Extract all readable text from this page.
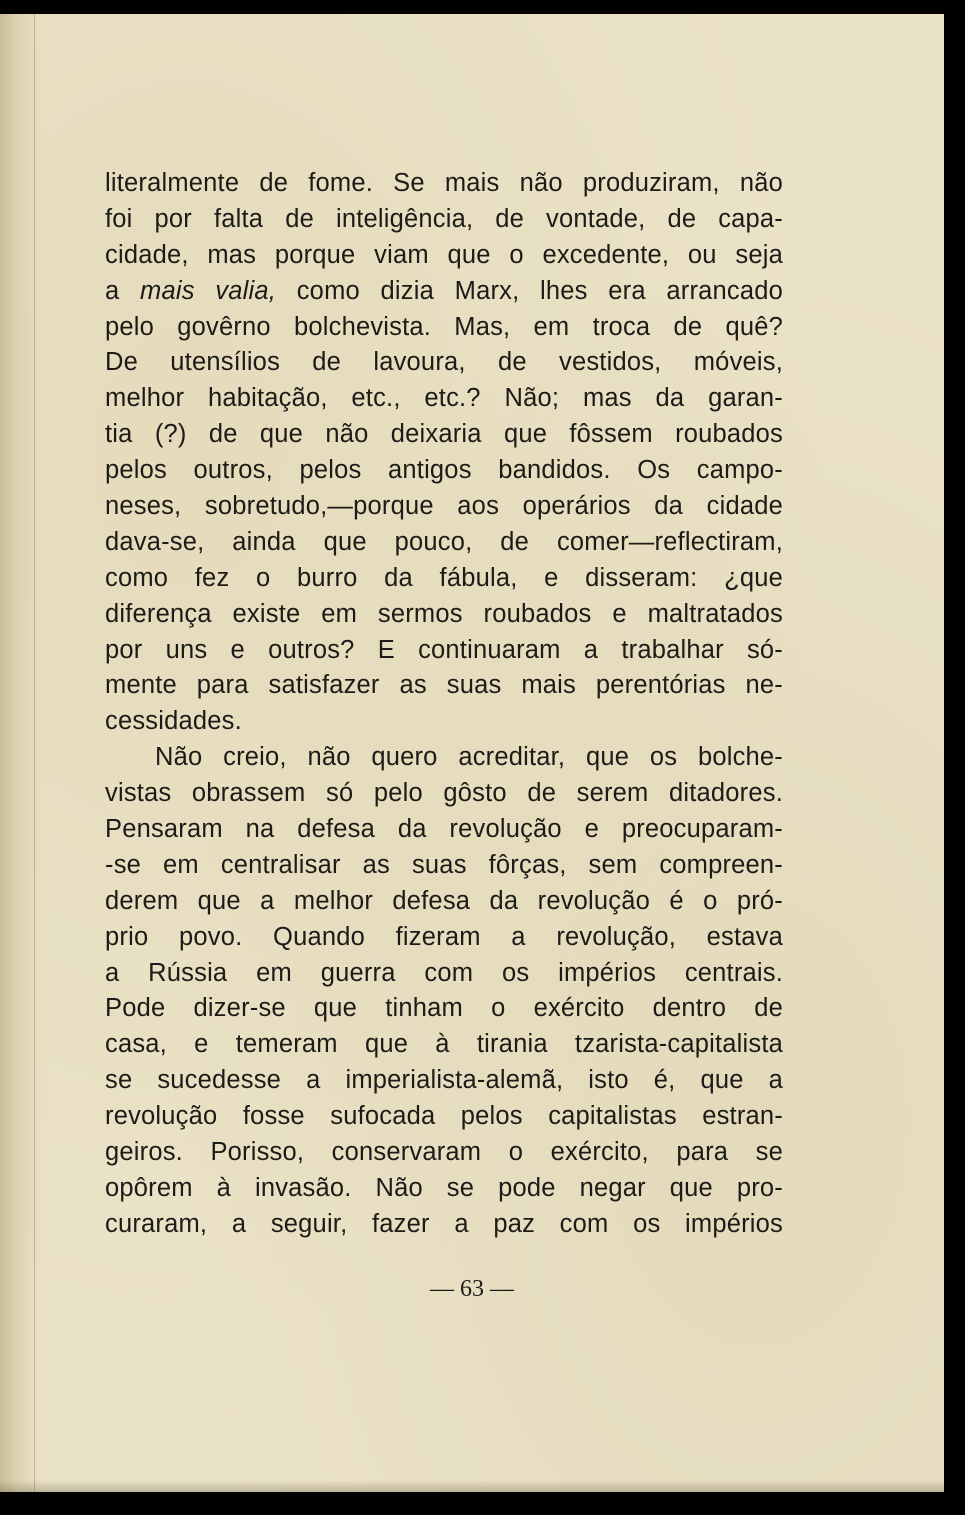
literalmente de fome. Se mais não produziram, não
foi por falta de inteligência, de vontade, de capa-
cidade, mas porque viam que o excedente, ou seja
a mais valia, como dizia Marx, lhes era arrancado
pelo govêrno bolchevista. Mas, em troca de quê?
De utensílios de lavoura, de vestidos, móveis,
melhor habitação, etc., etc.? Não; mas da garan-
tia (?) de que não deixaria que fôssem roubados
pelos outros, pelos antigos bandidos. Os campo-
neses, sobretudo,—porque aos operários da cidade
dava-se, ainda que pouco, de comer—reflectiram,
como fez o burro da fábula, e disseram: ¿que
diferença existe em sermos roubados e maltratados
por uns e outros? E continuaram a trabalhar só-
mente para satisfazer as suas mais perentórias ne-
cessidades.
Não creio, não quero acreditar, que os bolche-
vistas obrassem só pelo gôsto de serem ditadores.
Pensaram na defesa da revolução e preocuparam-
-se em centralisar as suas fôrças, sem compreen-
derem que a melhor defesa da revolução é o pró-
prio povo. Quando fizeram a revolução, estava
a Rússia em guerra com os impérios centrais.
Pode dizer-se que tinham o exército dentro de
casa, e temeram que à tirania tzarista-capitalista
se sucedesse a imperialista-alemã, isto é, que a
revolução fosse sufocada pelos capitalistas estran-
geiros. Porisso, conservaram o exército, para se
opôrem à invasão. Não se pode negar que pro-
curaram, a seguir, fazer a paz com os impérios
— 63 —
